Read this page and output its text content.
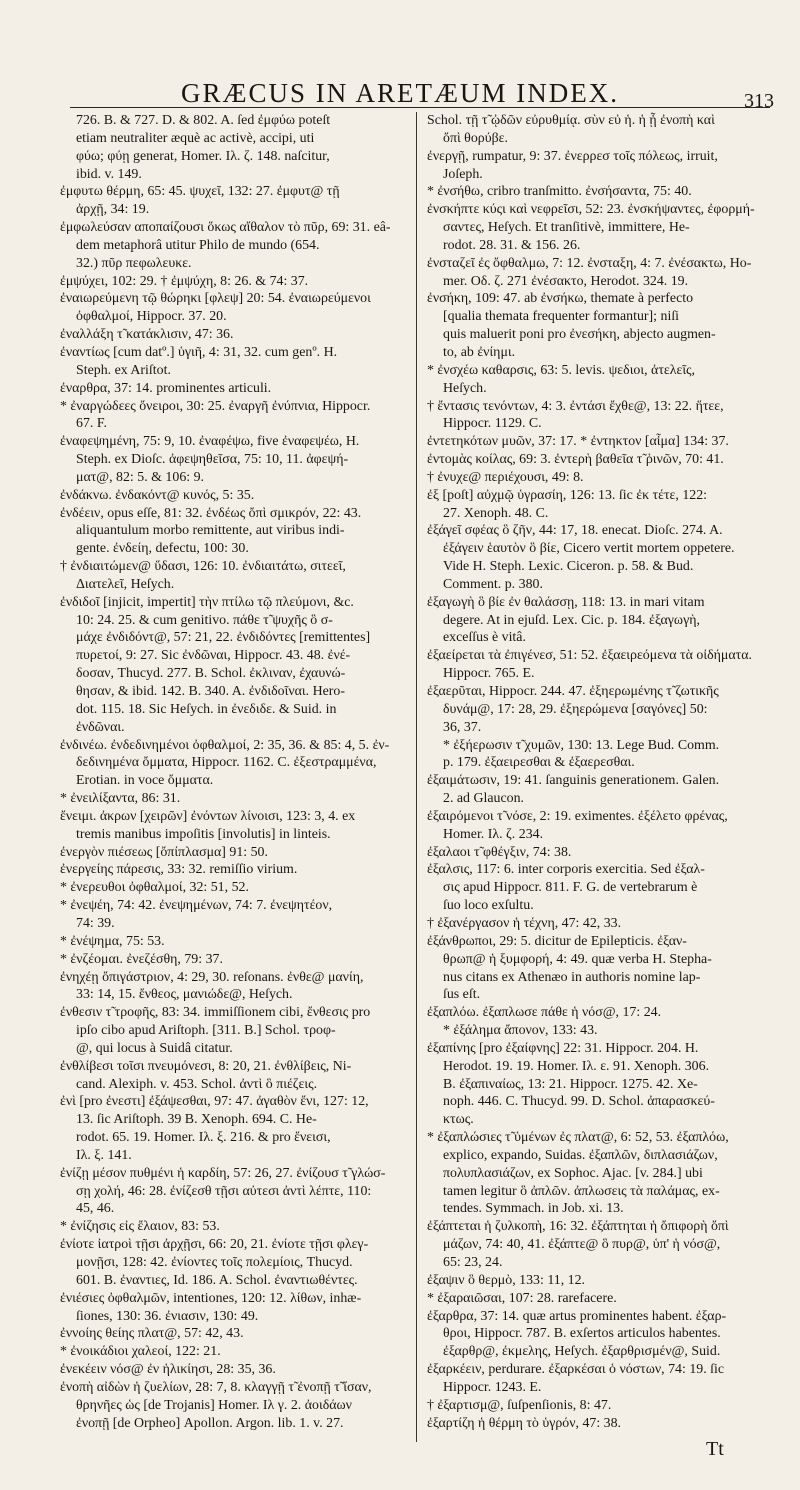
GRÆCUS IN ARETÆUM INDEX.	313
726. B. & 727. D. & 802. A. ſed ἐμφύω poteſt
etiam neutraliter æquè ac activè, accipi, uti
φύω; φύῃ generat, Homer. Ιλ. ζ. 148. naſcitur,
ibid. v. 149.
ἐμφυτω θέρμη, 65: 45. ψυχεῖ, 132: 27. ἐμφυτ@ τῇ
ἀρχῇ, 34: 19.
ἐμφωλεύσαν αποπαίζουσι ὅκως αἴθαλον τὸ πῦρ, 69: 31. eâ-
dem metaphorâ utitur Philo de mundo (654.
32.) πῦρ πεφωλευκε.
ἐμψύχει, 102: 29. † ἐμψύχη, 8: 26. & 74: 37.
ἐναιωρεύμενη τῷ θώρηκι [φλεψ] 20: 54. ἐναιωρεύμενοι
ὀφθαλμοί, Hippocr. 37. 20.
ἐναλλάξη τ̃ κατάκλισιν, 47: 36.
ἐναντίως [cum datº.] ὑγιῆ, 4: 31, 32. cum genº. H.
Steph. ex Ariſtot.
ἐναρθρα, 37: 14. prominentes articuli.
* ἐναργώδεες ὄνειροι, 30: 25. ἐναργῆ ἐνύπνια, Hippocr.
67. F.
ἐναφεψημένη, 75: 9, 10. ἐναφέψω, five ἐναφεψέω, H.
Steph. ex Dioſc. ἀφεψηθεῖσα, 75: 10, 11. ἀφεψή-
ματ@, 82: 5. & 106: 9.
ἐνδάκνω. ἐνδακόντ@ κυνός, 5: 35.
ἐνδέειν, opus eſſe, 81: 32. ἐνδέως ὄπὶ σμικρόν, 22: 43.
aliquantulum morbo remittente, aut viribus indi-
gente. ἐνδείη, defectu, 100: 30.
† ἐνδιαιτώμεν@ ὕδασι, 126: 10. ἐνδιαιτάτω, σιτεεῖ,
Διατελεῖ, Heſych.
ἐνδιδοῖ [injicit, impertit] τὴν πτίλω τῷ πλεύμονι, &c.
10: 24. 25. & cum genitivo. πάθε τ̃ ψυχῆς ὃ σ-
μάχε ἐνδιδόντ@, 57: 21, 22. ἐνδιδόντες [remittentes]
πυρετοί, 9: 27. Sic ἐνδῶναι, Hippocr. 43. 48. ἐνέ-
δοσαν, Thucyd. 277. B. Schol. ἐκλιναν, ἐχαυνώ-
θησαν, & ibid. 142. B. 340. A. ἐνδιδοῖναι. Hero-
dot. 115. 18. Sic Heſych. in ἐνεδιδε. & Suid. in
ἐνδῶναι.
ἐνδινέω. ἐνδεδινημένοι ὀφθαλμοί, 2: 35, 36. & 85: 4, 5. ἐν-
δεδινημένα ὄμματα, Hippocr. 1162. C. ἐξεστραμμένα,
Erotian. in voce ὄμματα.
* ἐνειλίξαντα, 86: 31.
ἔνειμι. ἀκρων [χειρῶν] ἐνόντων λίνοισι, 123: 3, 4. ex
tremis manibus impoſitis [involutis] in linteis.
ἐνεργὸν πιέσεως [ὄπίπλασμα] 91: 50.
ἐνεργείης πάρεσις, 33: 32. remiſſio virium.
* ἐνερευθοι ὀφθαλμοί, 32: 51, 52.
* ἐνεψέη, 74: 42. ἐνεψημένων, 74: 7. ἐνεψητέον,
74: 39.
* ἐνέψημα, 75: 53.
* ἐνζέομαι. ἐνεζέσθη, 79: 37.
ἐνηχέῃ ὄπιγάστριον, 4: 29, 30. reſonans. ἐνθε@ μανίη,
33: 14, 15. ἔνθεος, μανιώδε@, Heſych.
ἐνθεσιν τ̃ τροφῆς, 83: 34. immiſſionem cibi, ἔνθεσις pro
ipſo cibo apud Ariſtoph. [311. B.] Schol. τροφ-
@, qui locus à Suidâ citatur.
ἐνθλίβεσι τοῖσι πνευμόνεσι, 8: 20, 21. ἐνθλίβεις, Ni-
cand. Alexiph. v. 453. Schol. ἀντὶ ὃ πιέζεις.
ἐνὶ [pro ἐνεστι] ἐξάψεσθαι, 97: 47. ἀγαθὸν ἔνι, 127: 12,
13. ſic Ariſtoph. 39 B. Xenoph. 694. C. He-
rodot. 65. 19. Homer. Ιλ. ξ. 216. & pro ἔνεισι,
Ιλ. ξ. 141.
ἐνίζῃ μέσον πυθμένι ἡ καρδίη, 57: 26, 27. ἐνίζουσ τ̃ γλώσ-
σῃ χολή, 46: 28. ἐνίζεσθ τῇσι αὐτεσι ἀντὶ λέπτε, 110:
45, 46.
* ἐνίζησις εἰς ἔλαιον, 83: 53.
ἐνίοτε ἰατροὶ τῇσι ἀρχῇσι, 66: 20, 21. ἐνίοτε τῇσι φλεγ-
μονῇσι, 128: 42. ἐνίοντες τοῖς πολεμίοις, Thucyd.
601. B. ἐναντιες, Id. 186. A. Schol. ἐναντιωθέντες.
ἐνιέσιες ὀφθαλμῶν, intentiones, 120: 12. λίθων, inhæ-
ſiones, 130: 36. ἐνιασιν, 130: 49.
ἐννοίης θείης πλατ@, 57: 42, 43.
* ἐνοικάδιοι χαλεοί, 122: 21.
ἐνεκέειν νόσ@ ἐν ἡλικίησι, 28: 35, 36.
ἐνοπὴ αἰδὼν ἡ ζυελίων, 28: 7, 8. κλαγγῇ τ̃ ἐνοπῇ τ̃ ἴσαν,
θρηνῆες ὡς [de Trojanis] Homer. Ιλ γ. 2. ἀοιδάων
ἐνοπῇ [de Orpheo] Apollon. Argon. lib. 1. v. 27.
Schol. τῇ τ̃ ᾠδῶν εὐρυθμίᾳ. σὺν εὐ ἡ. ἡ ᾖ ἐνοπὴ καὶ
ὄπὶ θορύβε.
ἐνεργῇ, rumpatur, 9: 37. ἐνερρεσ τοῖς πόλεως, irruit,
Joſeph.
* ἐνσήθω, cribro tranſmitto. ἐνσήσαντα, 75: 40.
ἐνσκήπτε κύςι καὶ νεφρεῖσι, 52: 23. ἐνσκήψαντες, ἐφορμή-
σαντες, Heſych. Et tranſitivè, immittere, He-
rodot. 28. 31. & 156. 26.
ἐνσταζεῖ ἐς ὄφθαλμω, 7: 12. ἐνσταξη, 4: 7. ἐνέσακτω, Ho-
mer. Οδ. ζ. 271 ἐνέσακτο, Herodot. 324. 19.
ἐνσήκη, 109: 47. ab ἐνσήκω, themate à perfecto
[qualia themata frequenter formantur]; niſi
quis maluerit poni pro ἐνεσήκη, abjecto augmen-
to, ab ἐνίημι.
* ἐνσχέω καθαρσις, 63: 5. levis. ψεδιοι, ἀτελεῖς,
Heſych.
† ἔντασις τενόντων, 4: 3. ἐντάσι ἔχθε@, 13: 22. ἥτεε,
Hippocr. 1129. C.
ἐντετηκότων μυῶν, 37: 17. * ἐντηκτον [αἷμα] 134: 37.
ἐντομὰς κοίλας, 69: 3. ἐντερὴ βαθεῖα τ̃ ῥινῶν, 70: 41.
† ἐνυχε@ περιέχουσι, 49: 8.
ἐξ [poſt] αὐχμῷ ὑγρασίη, 126: 13. ſic ἐκ τέτε, 122:
27. Xenoph. 48. C.
ἐξάγεῖ σφέας ὃ ζῆν, 44: 17, 18. enecat. Dioſc. 274. A.
ἐξάγειν ἑαυτὸν ὃ βίε, Cicero vertit mortem oppetere.
Vide H. Steph. Lexic. Ciceron. p. 58. & Bud.
Comment. p. 380.
ἐξαγωγὴ ὃ βίε ἐν θαλάσσῃ, 118: 13. in mari vitam
degere. At in ejuſd. Lex. Cic. p. 184. ἐξαγωγὴ,
exceſſus è vitâ.
ἐξαείρεται τὰ ἐπιγένεσ, 51: 52. ἐξαειρεόμενα τὰ οἰδήματα.
Hippocr. 765. E.
ἐξαερῦται, Hippocr. 244. 47. ἐξηερωμένης τ̃ ζωτικῆς
δυνάμ@, 17: 28, 29. ἐξηερώμενα [σαγόνες] 50:
36, 37.
* ἐξήερωσιν τ̃ χυμῶν, 130: 13. Lege Bud. Comm.
p. 179. ἐξαειρεσθαι & ἐξαερεσθαι.
ἐξαιμάτωσιν, 19: 41. ſanguinis generationem. Galen.
2. ad Glaucon.
ἐξαιρόμενοι τ̃ νόσε, 2: 19. eximentes. ἐξέλετο φρένας,
Homer. Ιλ. ζ. 234.
ἐξαλαοι τ̃ φθέγξιν, 74: 38.
ἐξαλσις, 117: 6. inter corporis exercitia. Sed ἐξαλ-
σις apud Hippocr. 811. F. G. de vertebrarum è
ſuo loco exſultu.
† ἐξανέργασον ἡ τέχνη, 47: 42, 33.
ἐξάνθρωποι, 29: 5. dicitur de Epilepticis. ἐξαν-
θρωπ@ ἡ ξυμφορή, 4: 49. quæ verba H. Stepha-
nus citans ex Athenæo in authoris nomine lap-
ſus eſt.
ἐξαπλόω. ἐξαπλωσε πάθε ἡ νόσ@, 17: 24.
* ἐξάλημα ἄπονον, 133: 43.
ἐξαπίνης [pro ἐξαίφνης] 22: 31. Hippocr. 204. H.
Herodot. 19. 19. Homer. Ιλ. ε. 91. Xenoph. 306.
B. ἐξαπιναίως, 13: 21. Hippocr. 1275. 42. Xe-
noph. 446. C. Thucyd. 99. D. Schol. ἀπαρασκεύ-
κτως.
* ἐξαπλώσιες τ̃ ὑμένων ἐς πλατ@, 6: 52, 53. ἐξαπλόω,
explico, expando, Suidas. ἐξαπλῶν, διπλασιάζων,
πολυπλασιάζων, ex Sophoc. Ajac. [v. 284.] ubi
tamen legitur ὃ ἀπλῶν. ἀπλωσεις τὰ παλάμας, ex-
tendes. Symmach. in Job. xi. 13.
ἐξάπτεται ἡ ζυλκοπὴ, 16: 32. ἐξάπτηται ἡ ὄπιφορὴ ὄπὶ
μάζων, 74: 40, 41. ἐξάπτε@ ὃ πυρ@, ὑπ' ἡ νόσ@,
65: 23, 24.
ἐξαψιν ὃ θερμὸ, 133: 11, 12.
* ἐξαραιῶσαι, 107: 28. rarefacere.
ἐξαρθρα, 37: 14. quæ artus prominentes habent. ἐξαρ-
θροι, Hippocr. 787. B. exſertos articulos habentes.
ἐξαρθρ@, ἐκμελης, Heſych. ἐξαρθρισμέν@, Suid.
ἐξαρκέειν, perdurare. ἐξαρκέσαι ὁ νόστων, 74: 19. ſic
Hippocr. 1243. E.
† ἐξαρτισμ@, ſuſpenſionis, 8: 47.
ἐξαρτίζη ἡ θέρμη τὸ ὑγρόν, 47: 38.
Tt
